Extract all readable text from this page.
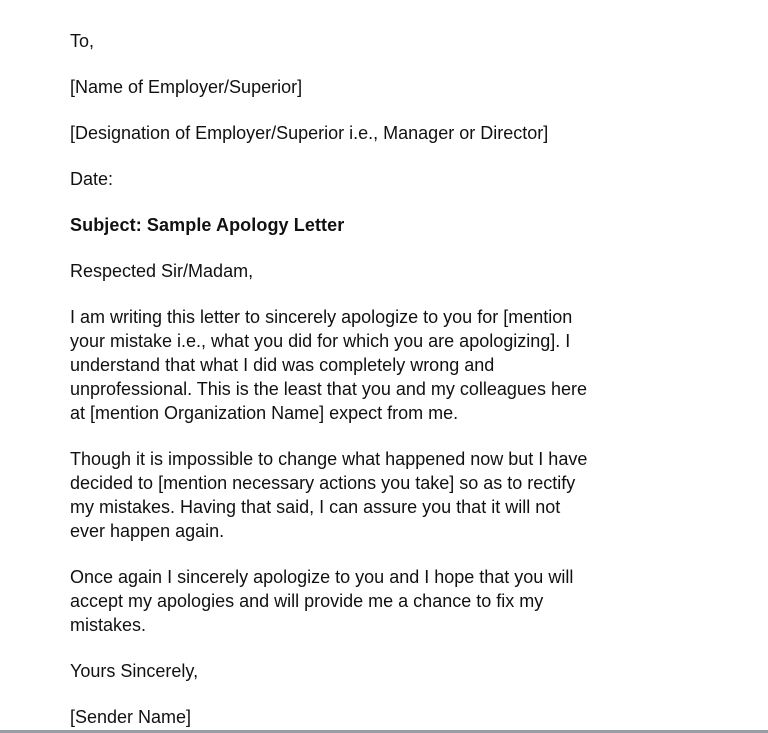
To,

[Name of Employer/Superior]

[Designation of Employer/Superior i.e., Manager or Director]

Date:

Subject: Sample Apology Letter

Respected Sir/Madam,

I am writing this letter to sincerely apologize to you for [mention
your mistake i.e., what you did for which you are apologizing]. I
understand that what I did was completely wrong and
unprofessional. This is the least that you and my colleagues here
at [mention Organization Name] expect from me.
Though it is impossible to change what happened now but I have
decided to [mention necessary actions you take] so as to rectify
my mistakes. Having that said, I can assure you that it will not
ever happen again.
Once again I sincerely apologize to you and I hope that you will
accept my apologies and will provide me a chance to fix my
mistakes.

Yours Sincerely,

[Sender Name]
